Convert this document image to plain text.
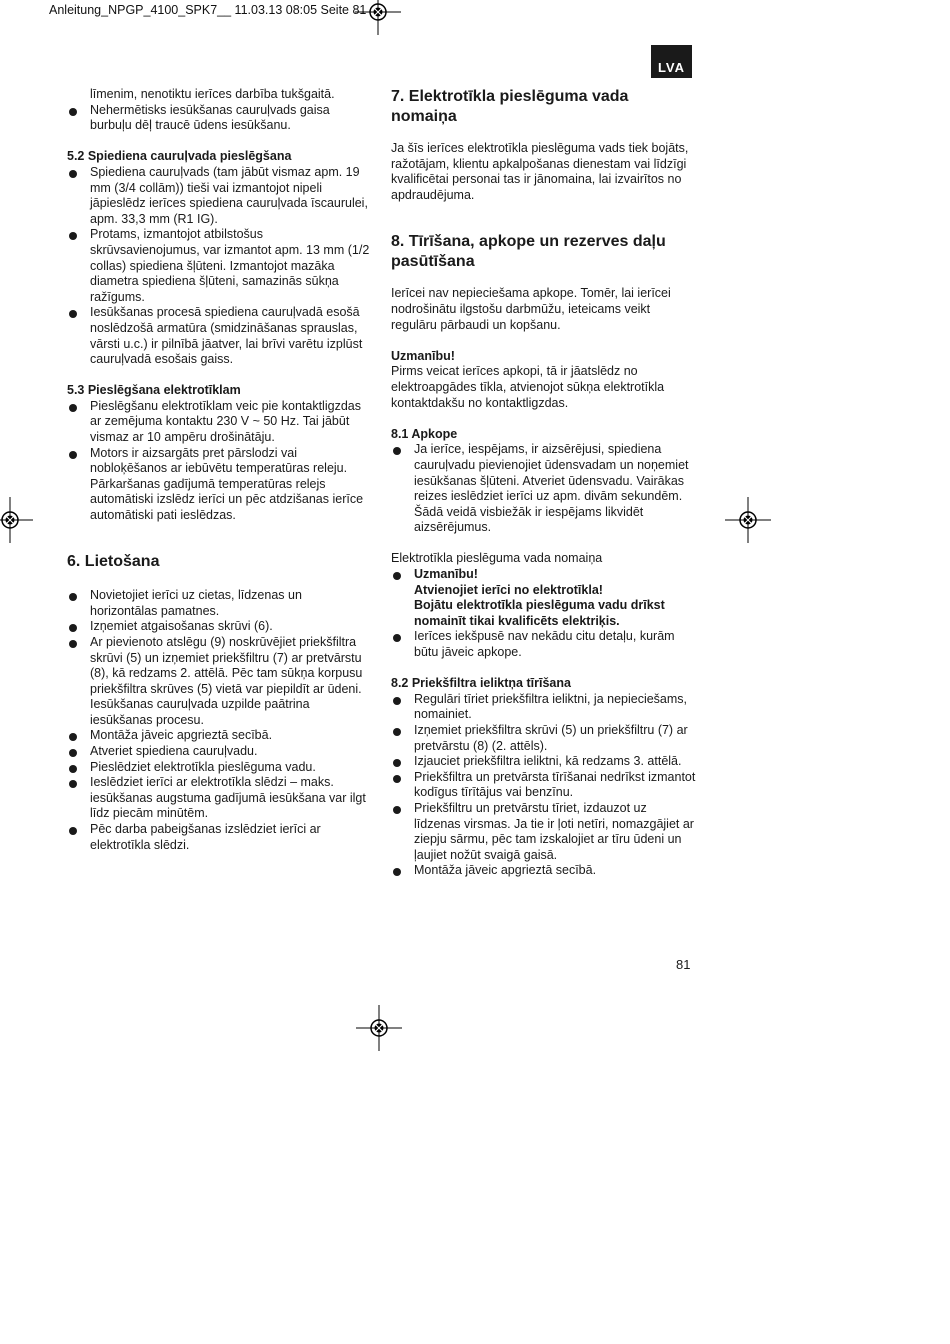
Anleitung_NPGP_4100_SPK7__ 11.03.13 08:05 Seite 81
LVA
līmenim, nenotiktu ierīces darbība tukšgaitā.
Nehermētisks iesūkšanas cauruļvads gaisa burbuļu dēļ traucē ūdens iesūkšanu.
5.2 Spiediena cauruļvada pieslēgšana
Spiediena cauruļvads (tam jābūt vismaz apm. 19 mm (3/4 collām)) tieši vai izmantojot nipeli jāpieslēdz ierīces spiediena cauruļvada īscaurulei, apm. 33,3 mm (R1 IG).
Protams, izmantojot atbilstošus skrūvsavienojumus, var izmantot apm. 13 mm (1/2 collas) spiediena šļūteni. Izmantojot mazāka diametra spiediena šļūteni, samazinās sūkņa ražīgums.
Iesūkšanas procesā spiediena cauruļvadā esošā noslēdzošā armatūra (smidzināšanas sprauslas, vārsti u.c.) ir pilnībā jāatver, lai brīvi varētu izplūst cauruļvadā esošais gaiss.
5.3 Pieslēgšana elektrotīklam
Pieslēgšanu elektrotīklam veic pie kontaktligzdas ar zemējuma kontaktu 230 V ~ 50 Hz. Tai jābūt vismaz ar 10 ampēru drošinātāju.
Motors ir aizsargāts pret pārslodzi vai nobloķēšanos ar iebūvētu temperatūras releju. Pārkaršanas gadījumā temperatūras relejs automātiski izslēdz ierīci un pēc atdzišanas ierīce automātiski pati ieslēdzas.
6. Lietošana
Novietojiet ierīci uz cietas, līdzenas un horizontālas pamatnes.
Izņemiet atgaisošanas skrūvi (6).
Ar pievienoto atslēgu (9) noskrūvējiet priekšfiltra skrūvi (5) un izņemiet priekšfiltru (7) ar pretvārstu (8), kā redzams 2. attēlā. Pēc tam sūkņa korpusu priekšfiltra skrūves (5) vietā var piepildīt ar ūdeni. Iesūkšanas cauruļvada uzpilde paātrina iesūkšanas procesu.
Montāža jāveic apgrieztā secībā.
Atveriet spiediena cauruļvadu.
Pieslēdziet elektrotīkla pieslēguma vadu.
Ieslēdziet ierīci ar elektrotīkla slēdzi – maks. iesūkšanas augstuma gadījumā iesūkšana var ilgt līdz piecām minūtēm.
Pēc darba pabeigšanas izslēdziet ierīci ar elektrotīkla slēdzi.
7. Elektrotīkla pieslēguma vada nomaiņa

Ja šīs ierīces elektrotīkla pieslēguma vads tiek bojāts, ražotājam, klientu apkalpošanas dienestam vai līdzīgi kvalificētai personai tas ir jānomaina, lai izvairītos no apdraudējuma.

8. Tīrīšana, apkope un rezerves daļu pasūtīšana

Ierīcei nav nepieciešama apkope. Tomēr, lai ierīcei nodrošinātu ilgstošu darbmūžu, ieteicams veikt regulāru pārbaudi un kopšanu.

Uzmanību!

Pirms veicat ierīces apkopi, tā ir jāatslēdz no elektroapgādes tīkla, atvienojot sūkņa elektrotīkla kontaktdakšu no kontaktligzdas.

8.1 Apkope
Ja ierīce, iespējams, ir aizsērējusi, spiediena cauruļvadu pievienojiet ūdensvadam un noņemiet iesūkšanas šļūteni. Atveriet ūdensvadu. Vairākas reizes ieslēdziet ierīci uz apm. divām sekundēm. Šādā veidā visbiežāk ir iespējams likvidēt aizsērējumus.

Elektrotīkla pieslēguma vada nomaiņa

Uzmanību!
Atvienojiet ierīci no elektrotīkla!
Bojātu elektrotīkla pieslēguma vadu drīkst nomainīt tikai kvalificēts elektriķis.
Ierīces iekšpusē nav nekādu citu detaļu, kurām būtu jāveic apkope.
8.2 Priekšfiltra ieliktņa tīrīšana
Regulāri tīriet priekšfiltra ieliktni, ja nepieciešams, nomainiet.
Izņemiet priekšfiltra skrūvi (5) un priekšfiltru (7) ar pretvārstu (8) (2. attēls).
Izjauciet priekšfiltra ieliktni, kā redzams 3. attēlā.
Priekšfiltra un pretvārsta tīrīšanai nedrīkst izmantot kodīgus tīrītājus vai benzīnu.
Priekšfiltru un pretvārstu tīriet, izdauzot uz līdzenas virsmas. Ja tie ir ļoti netīri, nomazgājiet ar ziepju sārmu, pēc tam izskalojiet ar tīru ūdeni un ļaujiet nožūt svaigā gaisā.
Montāža jāveic apgrieztā secībā.
81
